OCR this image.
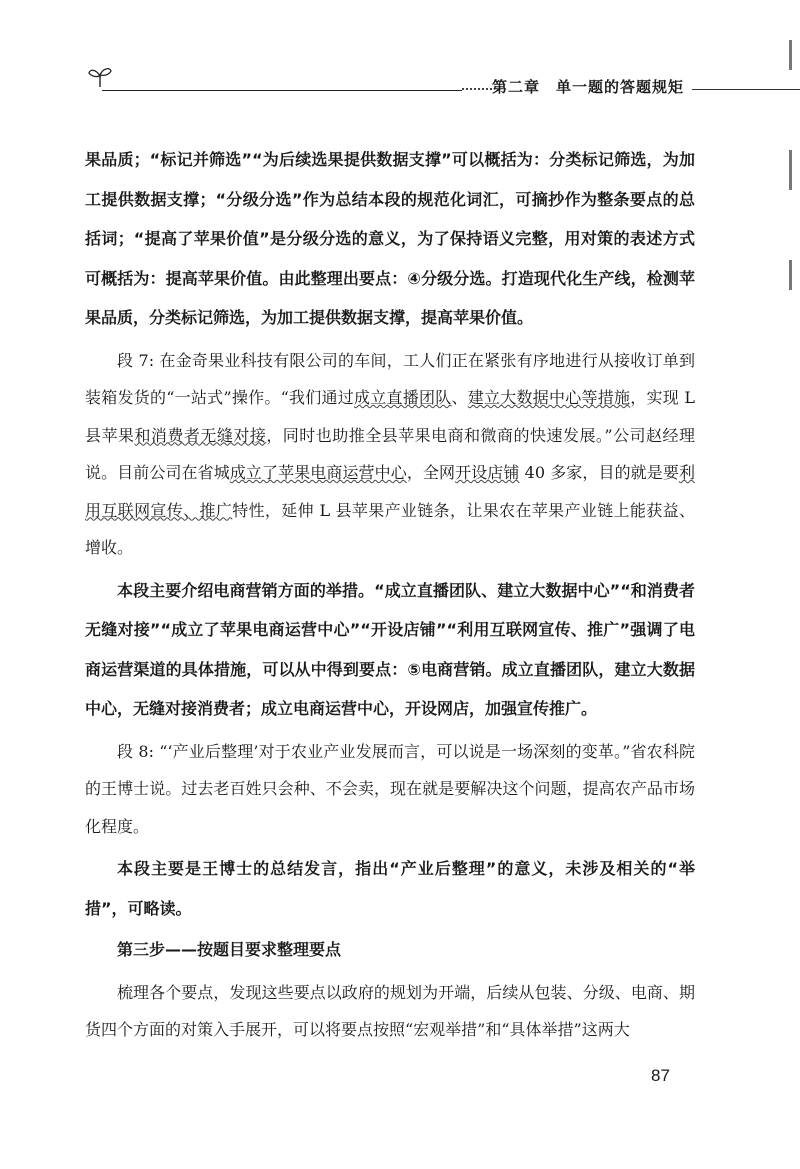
第二章 单一题的答题规矩

果品质；“标记并筛选”“为后续选果提供数据支撑”可以概括为：分类标记筛选，为加工提供数据支撑；“分级分选”作为总结本段的规范化词汇，可摘抄作为整条要点的总括词；“提高了苹果价值”是分级分选的意义，为了保持语义完整，用对策的表述方式可概括为：提高苹果价值。由此整理出要点：④分级分选。打造现代化生产线，检测苹果品质，分类标记筛选，为加工提供数据支撑，提高苹果价值。

段 7: 在金奇果业科技有限公司的车间，工人们正在紧张有序地进行从接收订单到装箱发货的“一站式”操作。“我们通过成立直播团队、建立大数据中心等措施，实现 L 县苹果和消费者无缝对接，同时也助推全县苹果电商和微商的快速发展。”公司赵经理说。目前公司在省城成立了苹果电商运营中心，全网开设店铺 40 多家，目的就是要利用互联网宣传、推广特性，延伸 L 县苹果产业链条，让果农在苹果产业链上能获益、增收。

本段主要介绍电商营销方面的举措。“成立直播团队、建立大数据中心”“和消费者无缝对接”“成立了苹果电商运营中心”“开设店铺”“利用互联网宣传、推广”强调了电商运营渠道的具体措施，可以从中得到要点：⑤电商营销。成立直播团队，建立大数据中心，无缝对接消费者；成立电商运营中心，开设网店，加强宣传推广。

段 8: “‘产业后整理’对于农业产业发展而言，可以说是一场深刻的变革。”省农科院的王博士说。过去老百姓只会种、不会卖，现在就是要解决这个问题，提高农产品市场化程度。

本段主要是王博士的总结发言，指出“产业后整理”的意义，未涉及相关的“举措”，可略读。

第三步——按题目要求整理要点

梳理各个要点，发现这些要点以政府的规划为开端，后续从包装、分级、电商、期货四个方面的对策入手展开，可以将要点按照“宏观举措”和“具体举措”这两大

87
